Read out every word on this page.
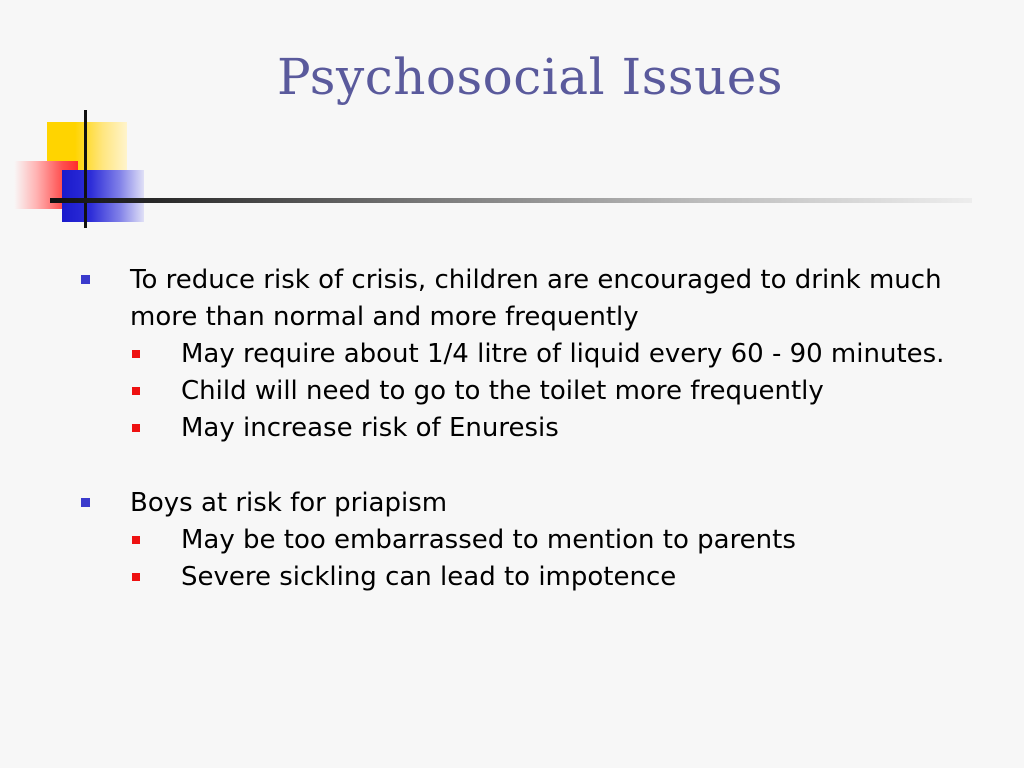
Psychosocial Issues
To reduce risk of crisis, children are encouraged to drink much more than normal and more frequently
May require about 1/4 litre of liquid every 60 - 90 minutes.
Child will need to go to the toilet more frequently
May increase risk of Enuresis
Boys at risk for priapism
May be too embarrassed to mention to parents
Severe sickling can lead to impotence
